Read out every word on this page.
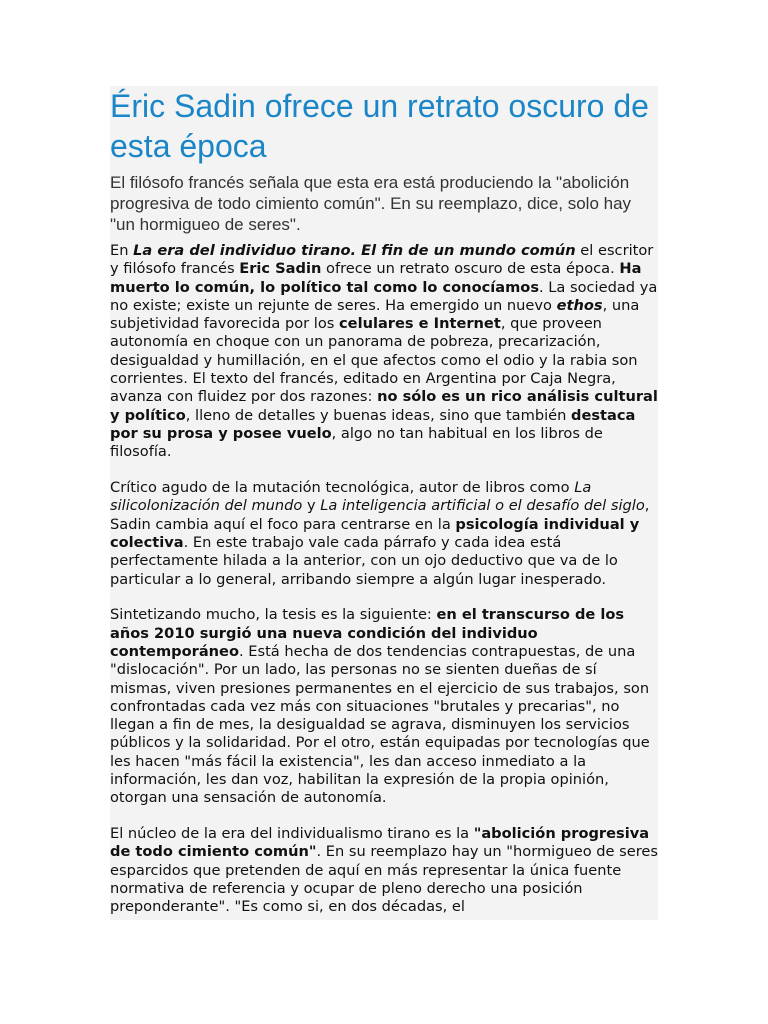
Éric Sadin ofrece un retrato oscuro de esta época

El filósofo francés señala que esta era está produciendo la "abolición progresiva de todo cimiento común". En su reemplazo, dice, solo hay "un hormigueo de seres".

En La era del individuo tirano. El fin de un mundo común el escritor y filósofo francés Eric Sadin ofrece un retrato oscuro de esta época. Ha muerto lo común, lo político tal como lo conocíamos. La sociedad ya no existe; existe un rejunte de seres. Ha emergido un nuevo ethos, una subjetividad favorecida por los celulares e Internet, que proveen autonomía en choque con un panorama de pobreza, precarización, desigualdad y humillación, en el que afectos como el odio y la rabia son corrientes. El texto del francés, editado en Argentina por Caja Negra, avanza con fluidez por dos razones: no sólo es un rico análisis cultural y político, lleno de detalles y buenas ideas, sino que también destaca por su prosa y posee vuelo, algo no tan habitual en los libros de filosofía.

Crítico agudo de la mutación tecnológica, autor de libros como La silicolonización del mundo y La inteligencia artificial o el desafío del siglo, Sadin cambia aquí el foco para centrarse en la psicología individual y colectiva. En este trabajo vale cada párrafo y cada idea está perfectamente hilada a la anterior, con un ojo deductivo que va de lo particular a lo general, arribando siempre a algún lugar inesperado.

Sintetizando mucho, la tesis es la siguiente: en el transcurso de los años 2010 surgió una nueva condición del individuo contemporáneo. Está hecha de dos tendencias contrapuestas, de una "dislocación". Por un lado, las personas no se sienten dueñas de sí mismas, viven presiones permanentes en el ejercicio de sus trabajos, son confrontadas cada vez más con situaciones "brutales y precarias", no llegan a fin de mes, la desigualdad se agrava, disminuyen los servicios públicos y la solidaridad. Por el otro, están equipadas por tecnologías que les hacen "más fácil la existencia", les dan acceso inmediato a la información, les dan voz, habilitan la expresión de la propia opinión, otorgan una sensación de autonomía.

El núcleo de la era del individualismo tirano es la "abolición progresiva de todo cimiento común". En su reemplazo hay un "hormigueo de seres esparcidos que pretenden de aquí en más representar la única fuente normativa de referencia y ocupar de pleno derecho una posición preponderante". "Es como si, en dos décadas, el
